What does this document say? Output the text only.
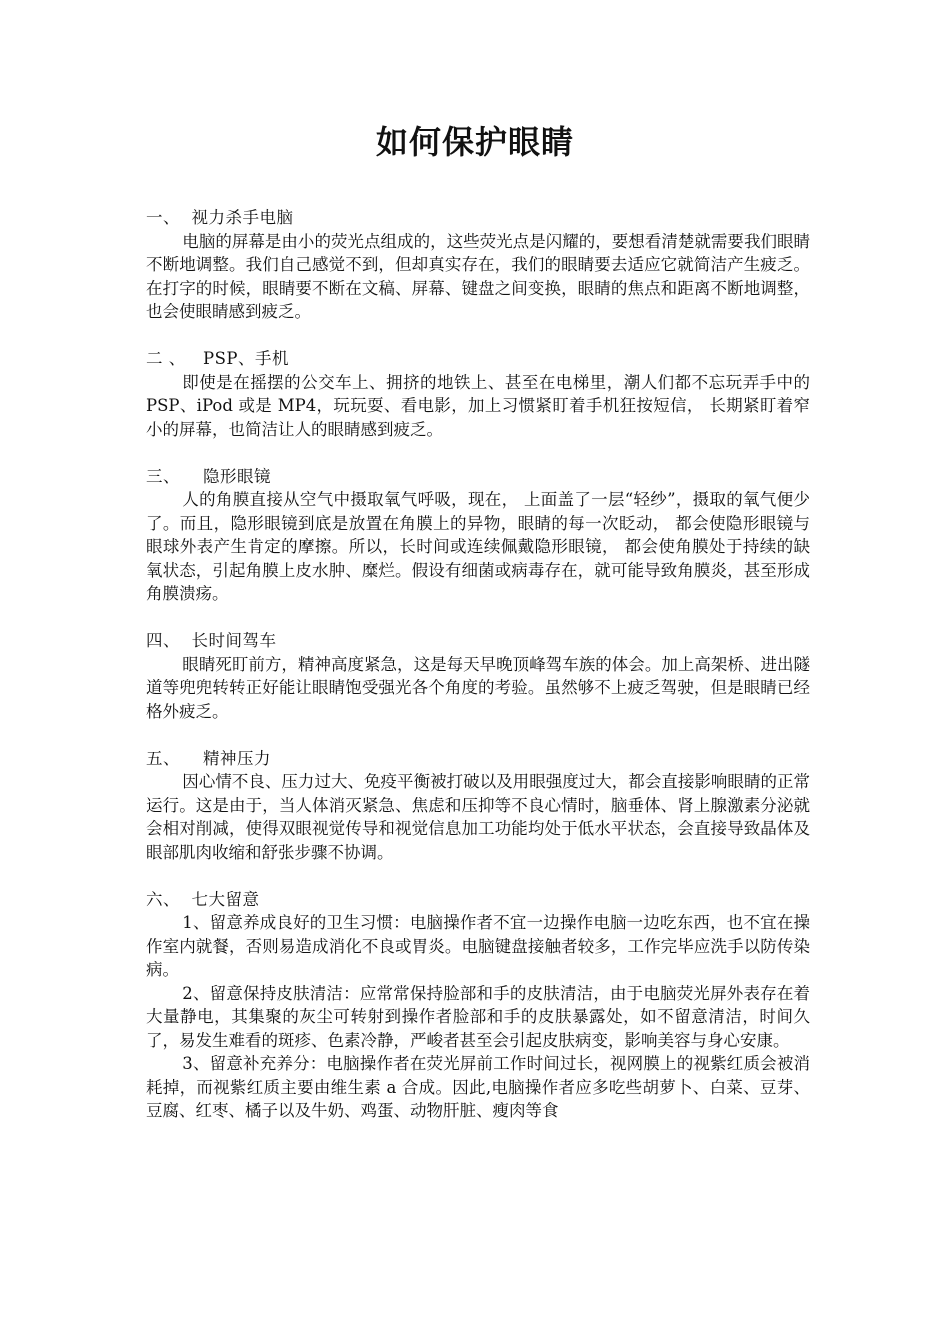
如何保护眼睛
一、  视力杀手电脑

电脑的屏幕是由小的荧光点组成的，这些荧光点是闪耀的，要想看清楚就需要我们眼睛不断地调整。我们自己感觉不到，但却真实存在，我们的眼睛要去适应它就简洁产生疲乏。在打字的时候，眼睛要不断在文稿、屏幕、键盘之间变换，眼睛的焦点和距离不断地调整，也会使眼睛感到疲乏。

二 、   PSP、手机

即使是在摇摆的公交车上、拥挤的地铁上、甚至在电梯里，潮人们都不忘玩弄手中的 PSP、iPod 或是 MP4，玩玩耍、看电影，加上习惯紧盯着手机狂按短信， 长期紧盯着窄小的屏幕，也简洁让人的眼睛感到疲乏。

三、    隐形眼镜

人的角膜直接从空气中摄取氧气呼吸，现在， 上面盖了一层“轻纱”，摄取的氧气便少了。而且，隐形眼镜到底是放置在角膜上的异物，眼睛的每一次眨动， 都会使隐形眼镜与眼球外表产生肯定的摩擦。所以，长时间或连续佩戴隐形眼镜， 都会使角膜处于持续的缺氧状态，引起角膜上皮水肿、糜烂。假设有细菌或病毒存在，就可能导致角膜炎，甚至形成角膜溃疡。

四、  长时间驾车

眼睛死盯前方，精神高度紧急，这是每天早晚顶峰驾车族的体会。加上高架桥、进出隧道等兜兜转转正好能让眼睛饱受强光各个角度的考验。虽然够不上疲乏驾驶，但是眼睛已经格外疲乏。

五、    精神压力

因心情不良、压力过大、免疫平衡被打破以及用眼强度过大，都会直接影响眼睛的正常运行。这是由于，当人体消灭紧急、焦虑和压抑等不良心情时，脑垂体、肾上腺激素分泌就会相对削减，使得双眼视觉传导和视觉信息加工功能均处于低水平状态，会直接导致晶体及眼部肌肉收缩和舒张步骤不协调。

六、  七大留意

1、留意养成良好的卫生习惯：电脑操作者不宜一边操作电脑一边吃东西，也不宜在操作室内就餐，否则易造成消化不良或胃炎。电脑键盘接触者较多，工作完毕应洗手以防传染病。

2、留意保持皮肤清洁：应常常保持脸部和手的皮肤清洁，由于电脑荧光屏外表存在着大量静电，其集聚的灰尘可转射到操作者脸部和手的皮肤暴露处，如不留意清洁，时间久了，易发生难看的斑疹、色素冷静，严峻者甚至会引起皮肤病变，影响美容与身心安康。

3、留意补充养分：电脑操作者在荧光屏前工作时间过长，视网膜上的视紫红质会被消耗掉，而视紫红质主要由维生素 a 合成。因此,电脑操作者应多吃些胡萝卜、白菜、豆芽、豆腐、红枣、橘子以及牛奶、鸡蛋、动物肝脏、瘦肉等食
